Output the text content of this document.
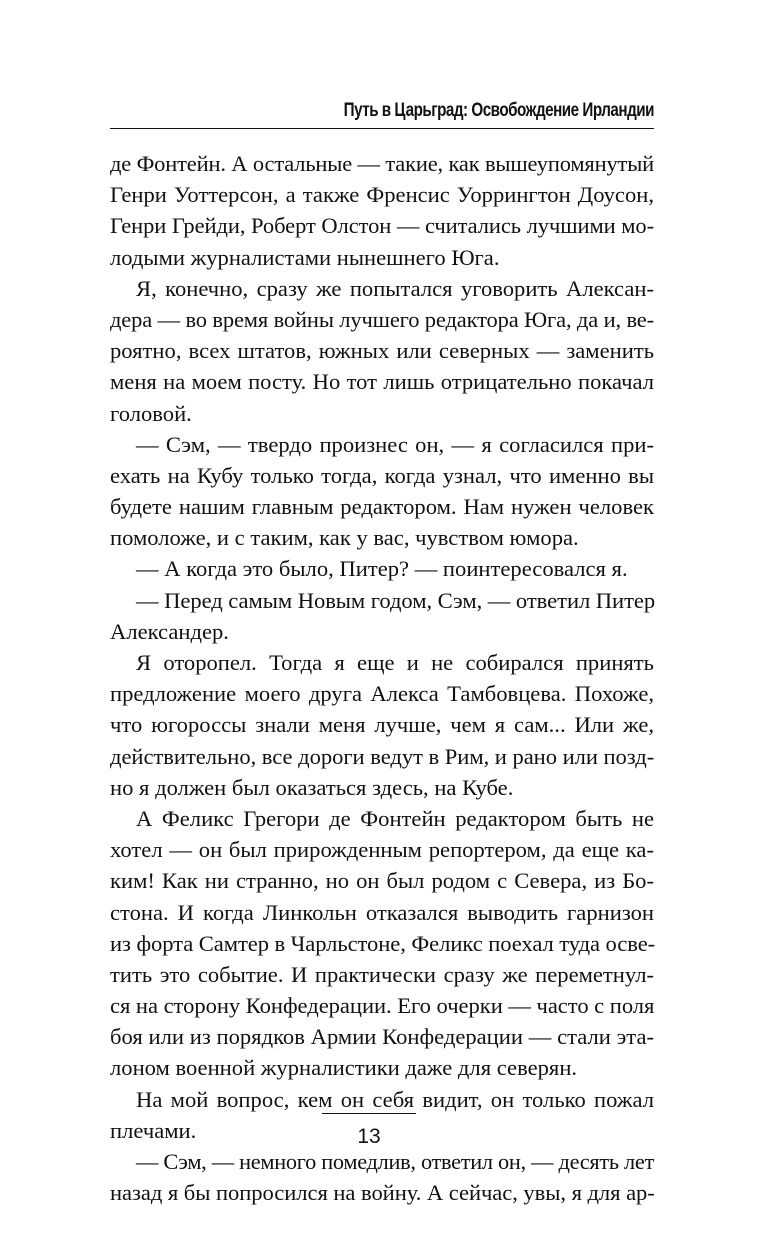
Путь в Царьград: Освобождение Ирландии
де Фонтейн. А остальные — такие, как вышеупомянутый
Генри Уоттерсон, а также Френсис Уоррингтон Доусон,
Генри Грейди, Роберт Олстон — считались лучшими мо-
лодыми журналистами нынешнего Юга.
Я, конечно, сразу же попытался уговорить Алексан-
дера — во время войны лучшего редактора Юга, да и, ве-
роятно, всех штатов, южных или северных — заменить
меня на моем посту. Но тот лишь отрицательно покачал
головой.
— Сэм, — твердо произнес он, — я согласился при-
ехать на Кубу только тогда, когда узнал, что именно вы
будете нашим главным редактором. Нам нужен человек
помоложе, и с таким, как у вас, чувством юмора.
— А когда это было, Питер? — поинтересовался я.
— Перед самым Новым годом, Сэм, — ответил Питер
Александер.
Я оторопел. Тогда я еще и не собирался принять
предложение моего друга Алекса Тамбовцева. Похоже,
что югороссы знали меня лучше, чем я сам... Или же,
действительно, все дороги ведут в Рим, и рано или позд-
но я должен был оказаться здесь, на Кубе.
А Феликс Грегори де Фонтейн редактором быть не
хотел — он был прирожденным репортером, да еще ка-
ким! Как ни странно, но он был родом с Севера, из Бо-
стона. И когда Линкольн отказался выводить гарнизон
из форта Самтер в Чарльстоне, Феликс поехал туда осве-
тить это событие. И практически сразу же переметнул-
ся на сторону Конфедерации. Его очерки — часто с поля
боя или из порядков Армии Конфедерации — стали эта-
лоном военной журналистики даже для северян.
На мой вопрос, кем он себя видит, он только пожал
плечами.
— Сэм, — немного помедлив, ответил он, — десять лет
назад я бы попросился на войну. А сейчас, увы, я для ар-
13
